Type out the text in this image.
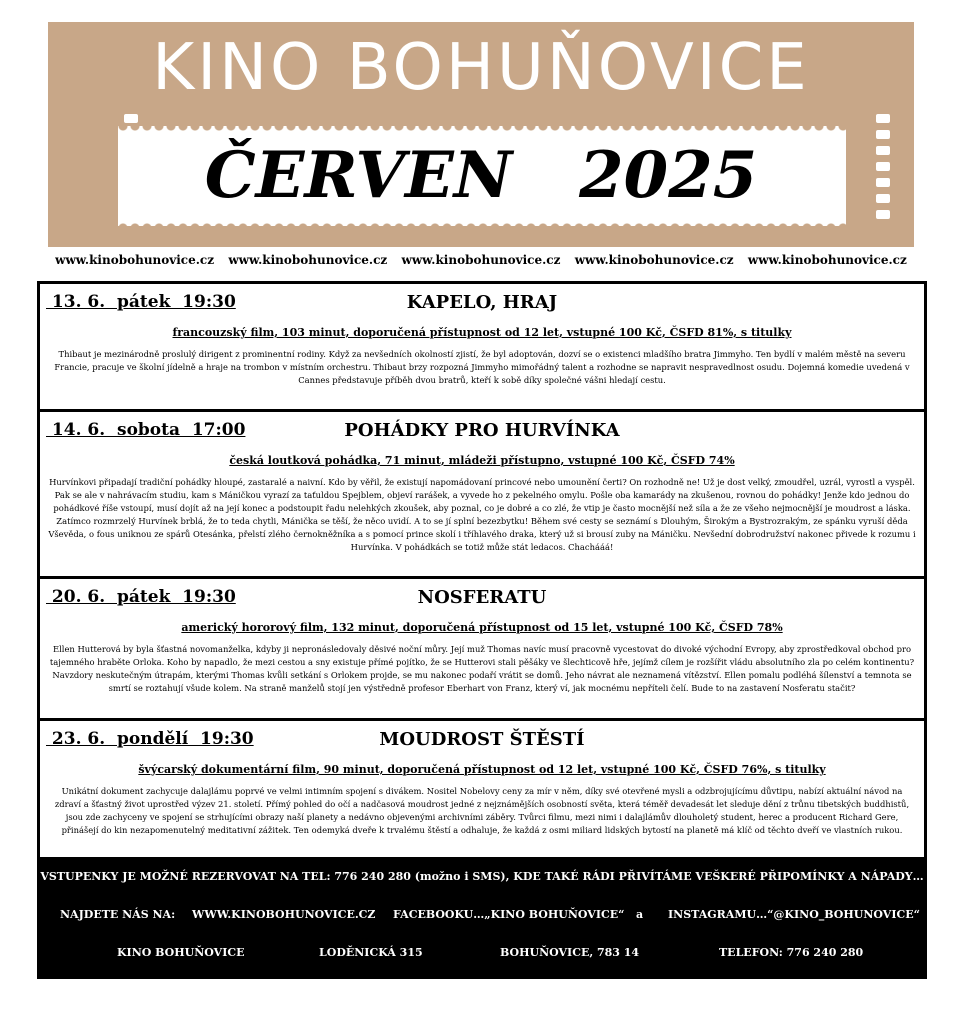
KINO BOHUŇOVICE
ČERVEN   2025
www.kinobohunovice.cz www.kinobohunovice.cz www.kinobohunovice.cz www.kinobohunovice.cz www.kinobohunovice.cz
13. 6.  pátek  19:30	KAPELO, HRAJ
francouzský film, 103 minut, doporučená přístupnost od 12 let, vstupné 100 Kč, ČSFD 81%, s titulky
Thibaut je mezinárodně proslulý dirigent z prominentní rodiny. Když za nevšedních okolností zjistí, že byl adoptován, dozví se o existenci mladšího bratra Jimmyho. Ten bydlí v malém městě na severu Francie, pracuje ve školní jídelně a hraje na trombon v místním orchestru. Thibaut brzy rozpozná Jimmyho mimořádný talent a rozhodne se napravit nespravedlnost osudu. Dojemná komedie uvedená v Cannes představuje příběh dvou bratrů, kteří k sobě díky společné vášni hledají cestu.
14. 6.  sobota  17:00	POHÁDKY PRO HURVÍNKA
česká loutková pohádka, 71 minut, mládeži přístupno, vstupné 100 Kč, ČSFD 74%
Hurvínkovi připadají tradiční pohádky hloupé, zastaralé a naivní. Kdo by věřil, že existují napomádovaní princové nebo umounění čerti? On rozhodně ne! Už je dost velký, zmoudřel, uzrál, vyrostl a vyspěl. Pak se ale v nahrávacím studiu, kam s Máničkou vyrazí za taťuldou Spejblem, objeví rarášek, a vyvede ho z pekelného omylu. Pošle oba kamarády na zkušenou, rovnou do pohádky! Jenže kdo jednou do pohádkové říše vstoupí, musí dojít až na její konec a podstoupit řadu nelehkých zkoušek, aby poznal, co je dobré a co zlé, že vtip je často mocnější než síla a že ze všeho nejmocnější je moudrost a láska. Zatímco rozmrzelý Hurvínek brblá, že to teda chytli, Mánička se těší, že něco uvidí. A to se jí splní bezezbytku! Během své cesty se seznámí s Dlouhým, Širokým a Bystrozrakým, ze spánku vyruší děda Vševěda, o fous uniknou ze spárů Otesánka, přelstí zlého černokněžníka a s pomocí prince skolí i tříhlavého draka, který už si brousí zuby na Máničku. Nevšední dobrodružství nakonec přivede k rozumu i Hurvínka. V pohádkách se totiž může stát ledacos. Chachááá!
20. 6.  pátek  19:30	NOSFERATU
americký hororový film, 132 minut, doporučená přístupnost od 15 let, vstupné 100 Kč, ČSFD 78%
Ellen Hutterová by byla šťastná novomanželka, kdyby ji nepronásledovaly děsivé noční můry. Její muž Thomas navíc musí pracovně vycestovat do divoké východní Evropy, aby zprostředkoval obchod pro tajemného hraběte Orloka. Koho by napadlo, že mezi cestou a sny existuje přímé pojítko, že se Hutterovi stali pěšáky ve šlechticově hře, jejímž cílem je rozšířit vládu absolutního zla po celém kontinentu? Navzdory neskutečným útrapám, kterými Thomas kvůli setkání s Orlokem projde, se mu nakonec podaří vrátit se domů. Jeho návrat ale neznamená vítězství. Ellen pomalu podléhá šílenství a temnota se smrtí se roztahují všude kolem. Na straně manželů stojí jen výstředně profesor Eberhart von Franz, který ví, jak mocnému nepříteli čelí. Bude to na zastavení Nosferatu stačit?
23. 6.  pondělí  19:30	MOUDROST ŠTĚSTÍ
švýcarský dokumentární film, 90 minut, doporučená přístupnost od 12 let, vstupné 100 Kč, ČSFD 76%, s titulky
Unikátní dokument zachycuje dalajlámu poprvé ve velmi intimním spojení s divákem. Nositel Nobelovy ceny za mír v něm, díky své otevřené mysli a odzbrojujícímu důvtipu, nabízí aktuální návod na zdraví a šťastný život uprostřed výzev 21. století. Přímý pohled do očí a nadčasová moudrost jedné z nejznámějších osobností světa, která téměř devadesát let sleduje dění z trůnu tibetských buddhistů, jsou zde zachyceny ve spojení se strhujícími obrazy naší planety a nedávno objevenými archivními záběry. Tvůrci filmu, mezi nimi i dalajlámův dlouholetý student, herec a producent Richard Gere, přinášejí do kin nezapomenutelný meditativní zážitek. Ten odemyká dveře k trvalému štěstí a odhaluje, že každá z osmi miliard lidských bytostí na planetě má klíč od těchto dveří ve vlastních rukou.
VSTUPENKY JE MOŽNÉ REZERVOVAT NA TEL: 776 240 280 (možno i SMS), KDE TAKÉ RÁDI PŘIVÍTÁME VEŠKERÉ PŘIPOMÍNKY A NÁPADY…
NAJDETE NÁS NA: WWW.KINOBOHUNOVICE.CZ FACEBOOKU…„KINO BOHUŇOVICE“ a INSTAGRAMU…“@KINO_BOHUNOVICE“
KINO BOHUŇOVICE	LODĚNICKÁ 315	BOHUŇOVICE, 783 14	TELEFON: 776 240 280
